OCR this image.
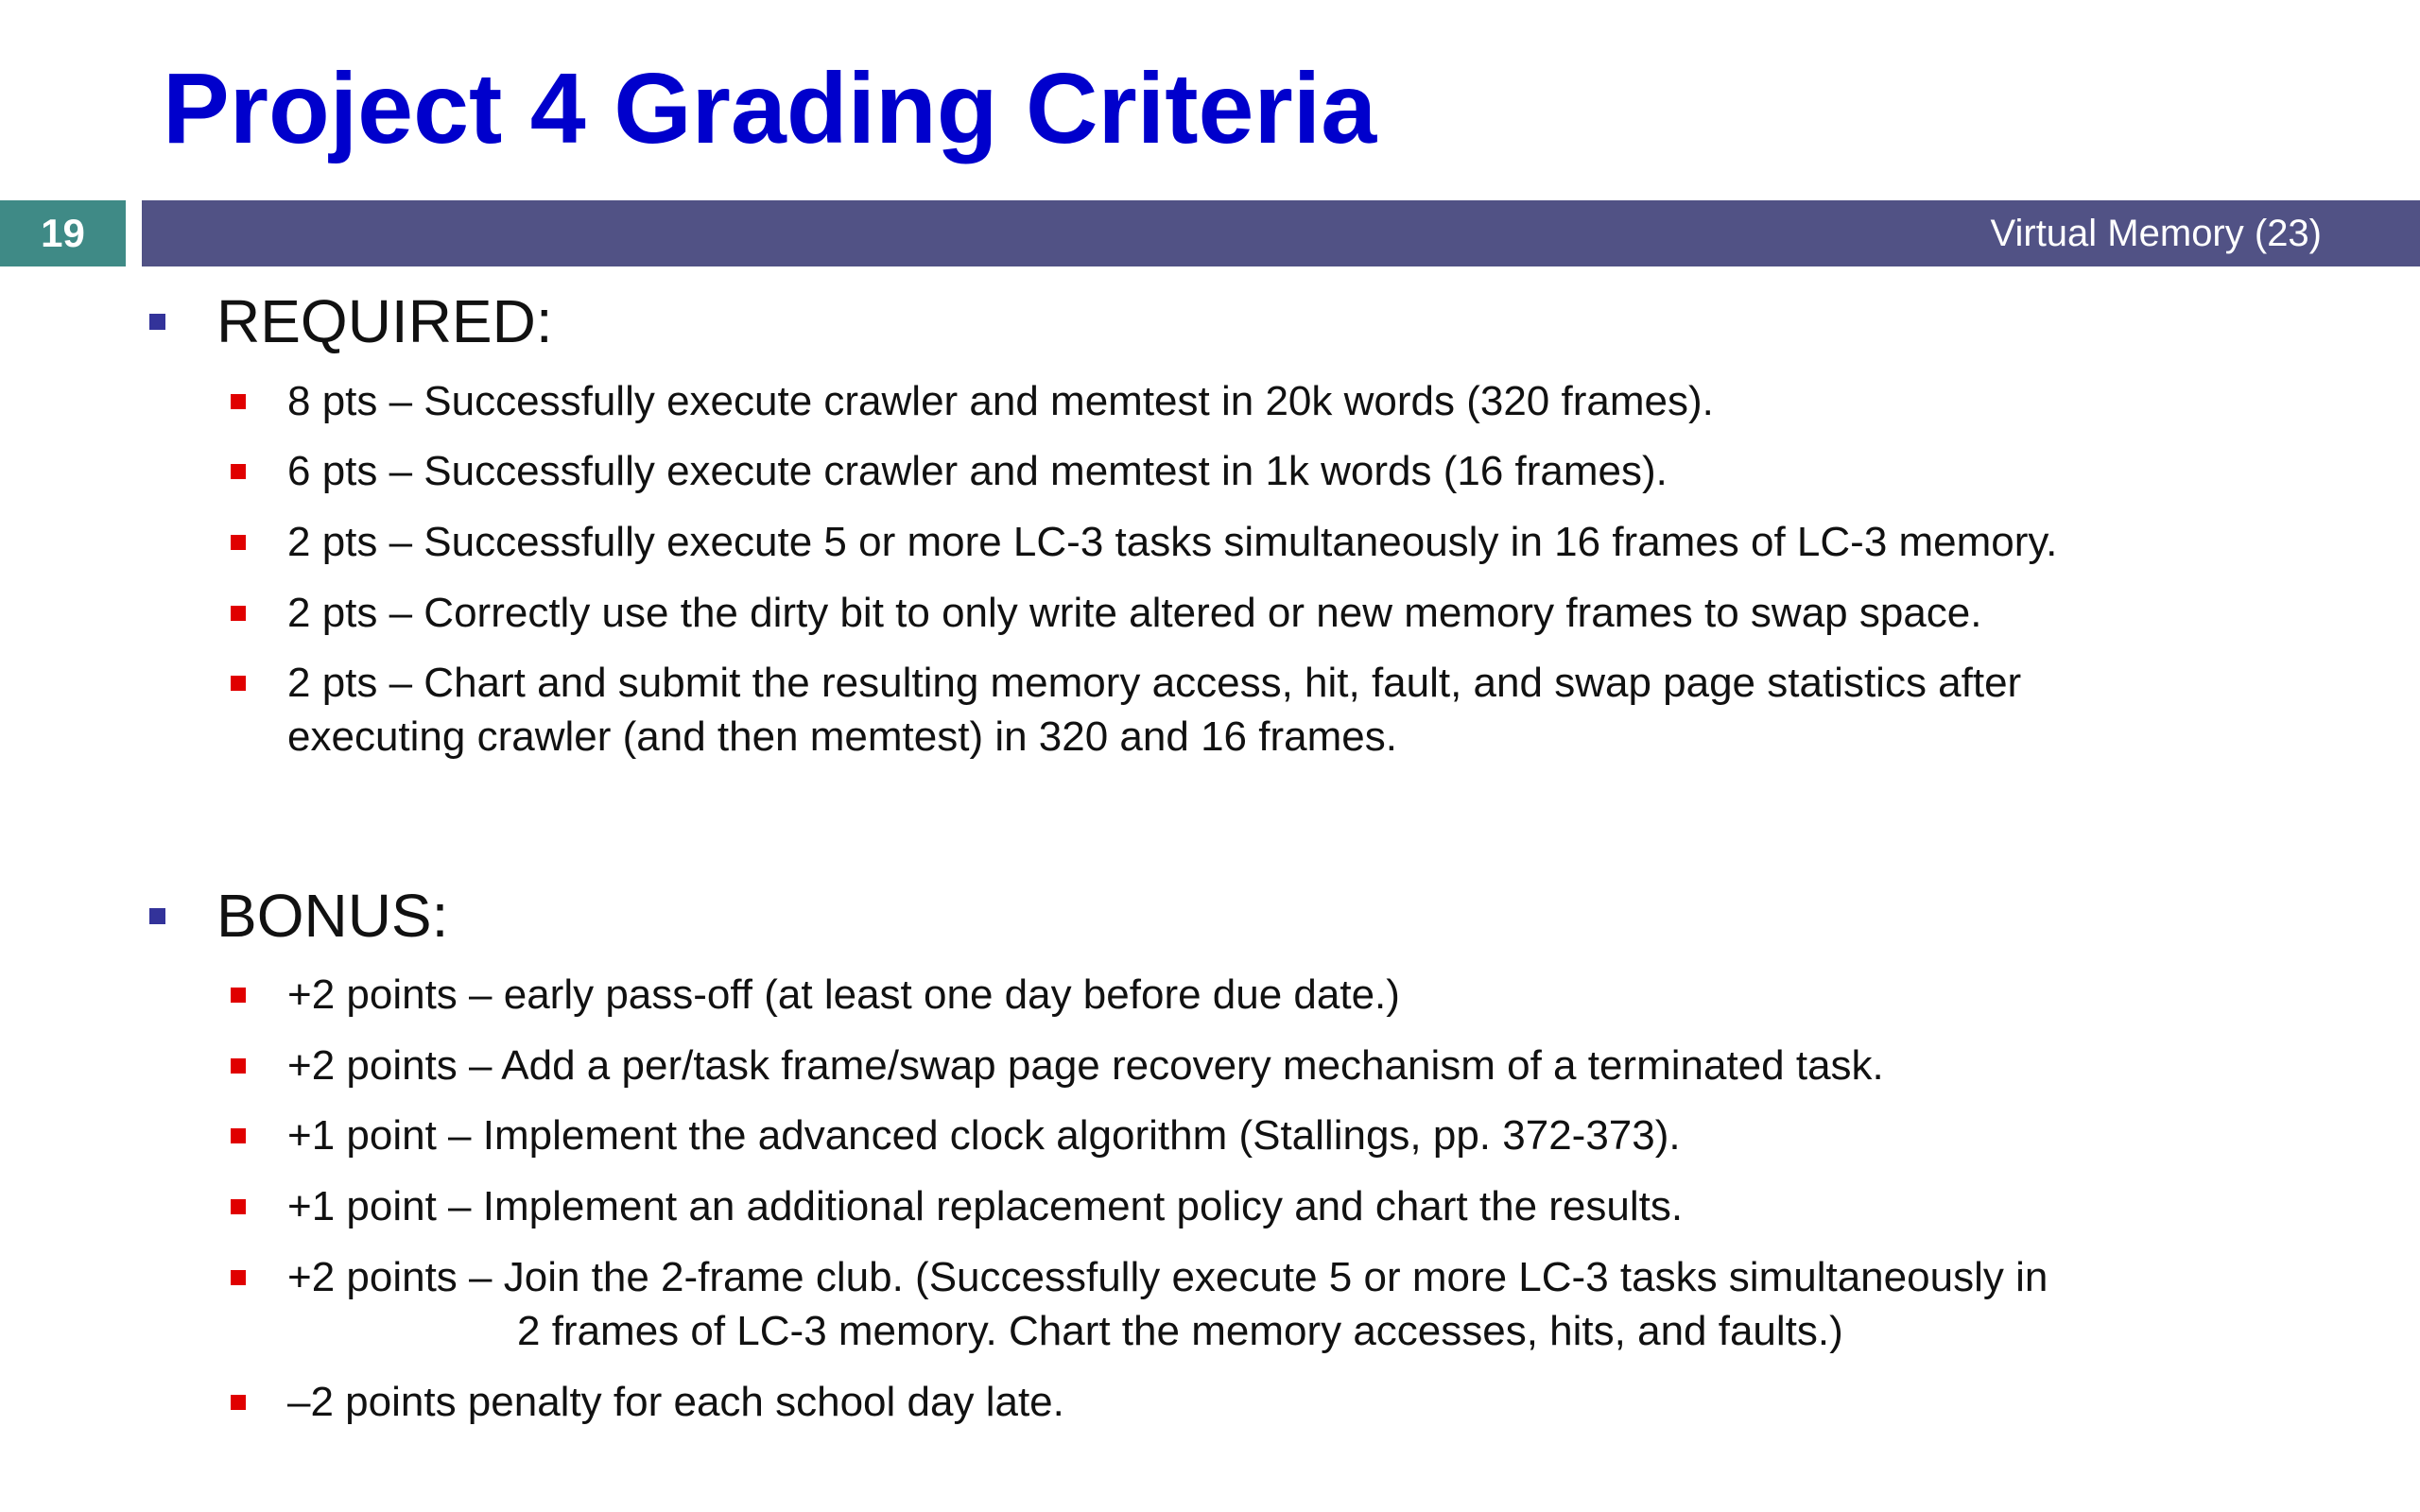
Project 4 Grading Criteria
19	Virtual Memory (23)
REQUIRED:
8 pts – Successfully execute crawler and memtest in 20k words (320 frames).
6 pts – Successfully execute crawler and memtest in 1k words (16 frames).
2 pts – Successfully execute 5 or more LC-3 tasks simultaneously in 16 frames of LC-3 memory.
2 pts – Correctly use the dirty bit to only write altered or new memory frames to swap space.
2 pts – Chart and submit the resulting memory access, hit, fault, and swap page statistics after
executing crawler (and then memtest) in 320 and 16 frames.
BONUS:
+2 points – early pass-off (at least one day before due date.)
+2 points – Add a per/task frame/swap page recovery mechanism of a terminated task.
+1 point – Implement the advanced clock algorithm (Stallings, pp. 372-373).
+1 point – Implement an additional replacement policy and chart the results.
+2 points – Join the 2-frame club. (Successfully execute 5 or more LC-3 tasks simultaneously in
2 frames of LC-3 memory. Chart the memory accesses, hits, and faults.)
–2 points penalty for each school day late.
